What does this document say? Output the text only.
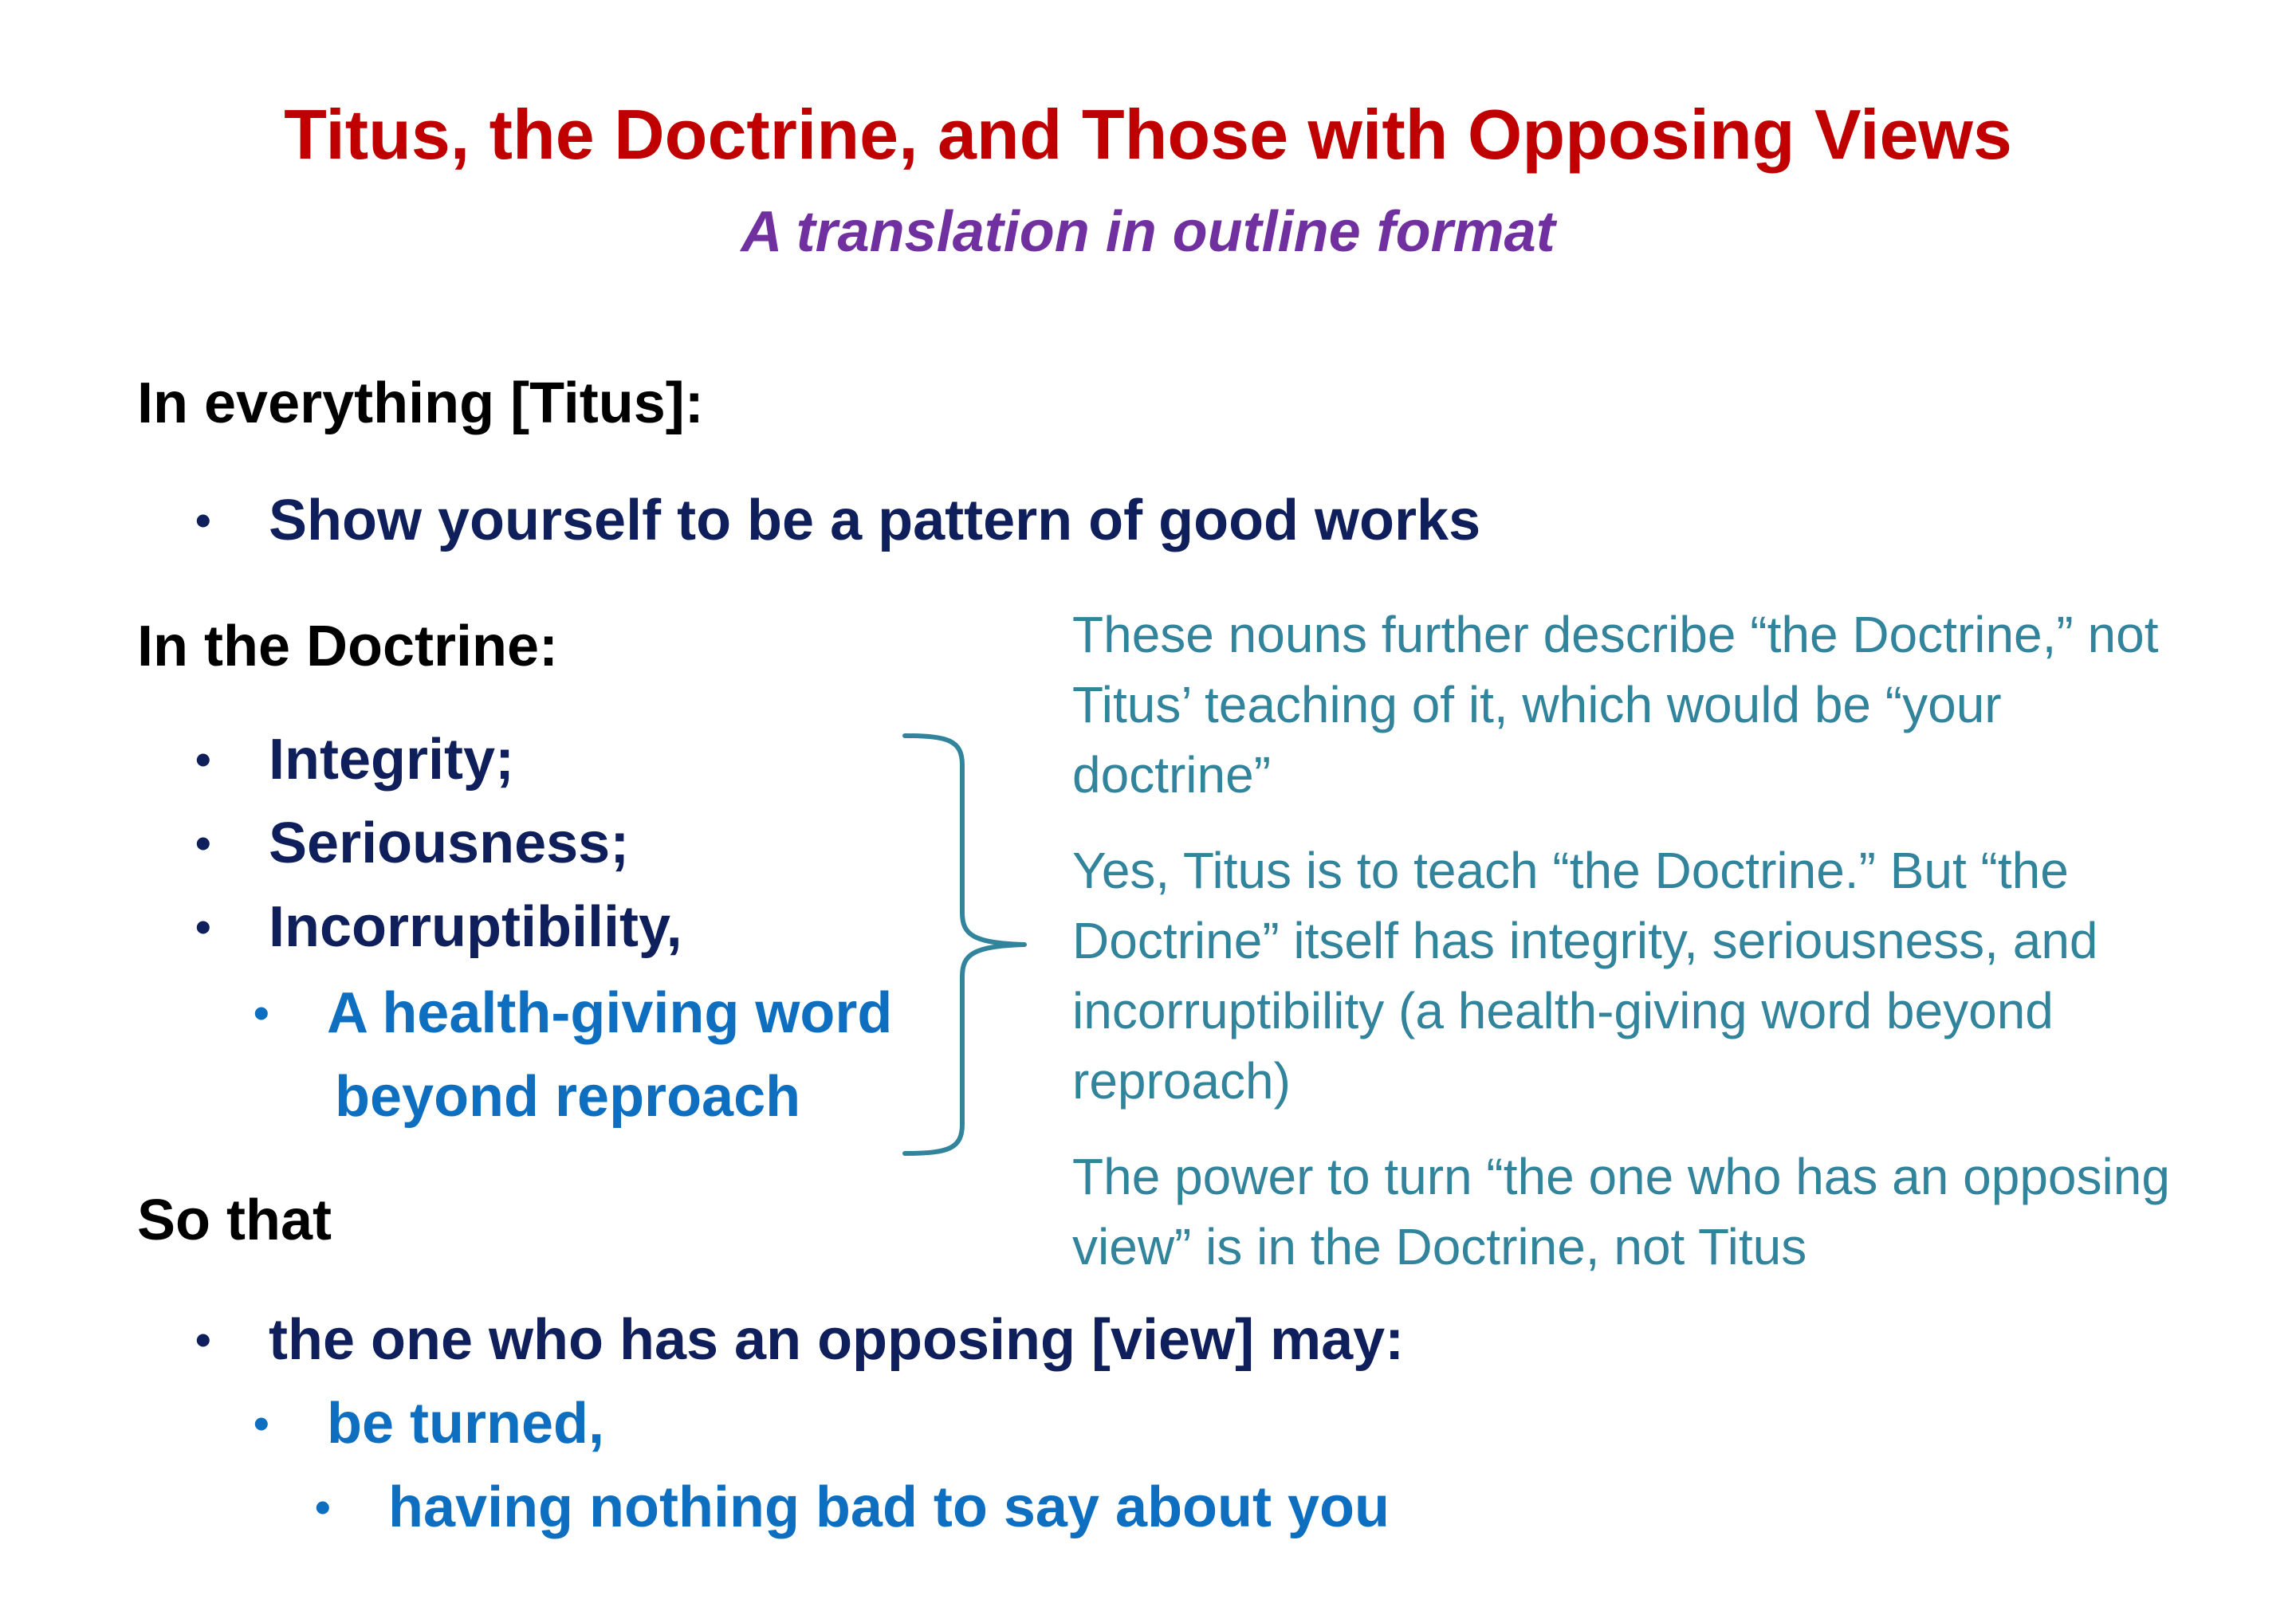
Titus, the Doctrine, and Those with Opposing Views
A translation in outline format
In everything [Titus]:
• Show yourself to be a pattern of good works
In the Doctrine:
• Integrity;
• Seriousness;
• Incorruptibility,
• A health-giving word
beyond reproach

These nouns further describe “the Doctrine,” not Titus’ teaching of it, which would be “your doctrine”

Yes, Titus is to teach “the Doctrine.” But “the Doctrine” itself has integrity, seriousness, and incorruptibility (a health-giving word beyond reproach)

The power to turn “the one who has an opposing view” is in the Doctrine, not Titus

So that
• the one who has an opposing [view] may:
• be turned,
• having nothing bad to say about you
